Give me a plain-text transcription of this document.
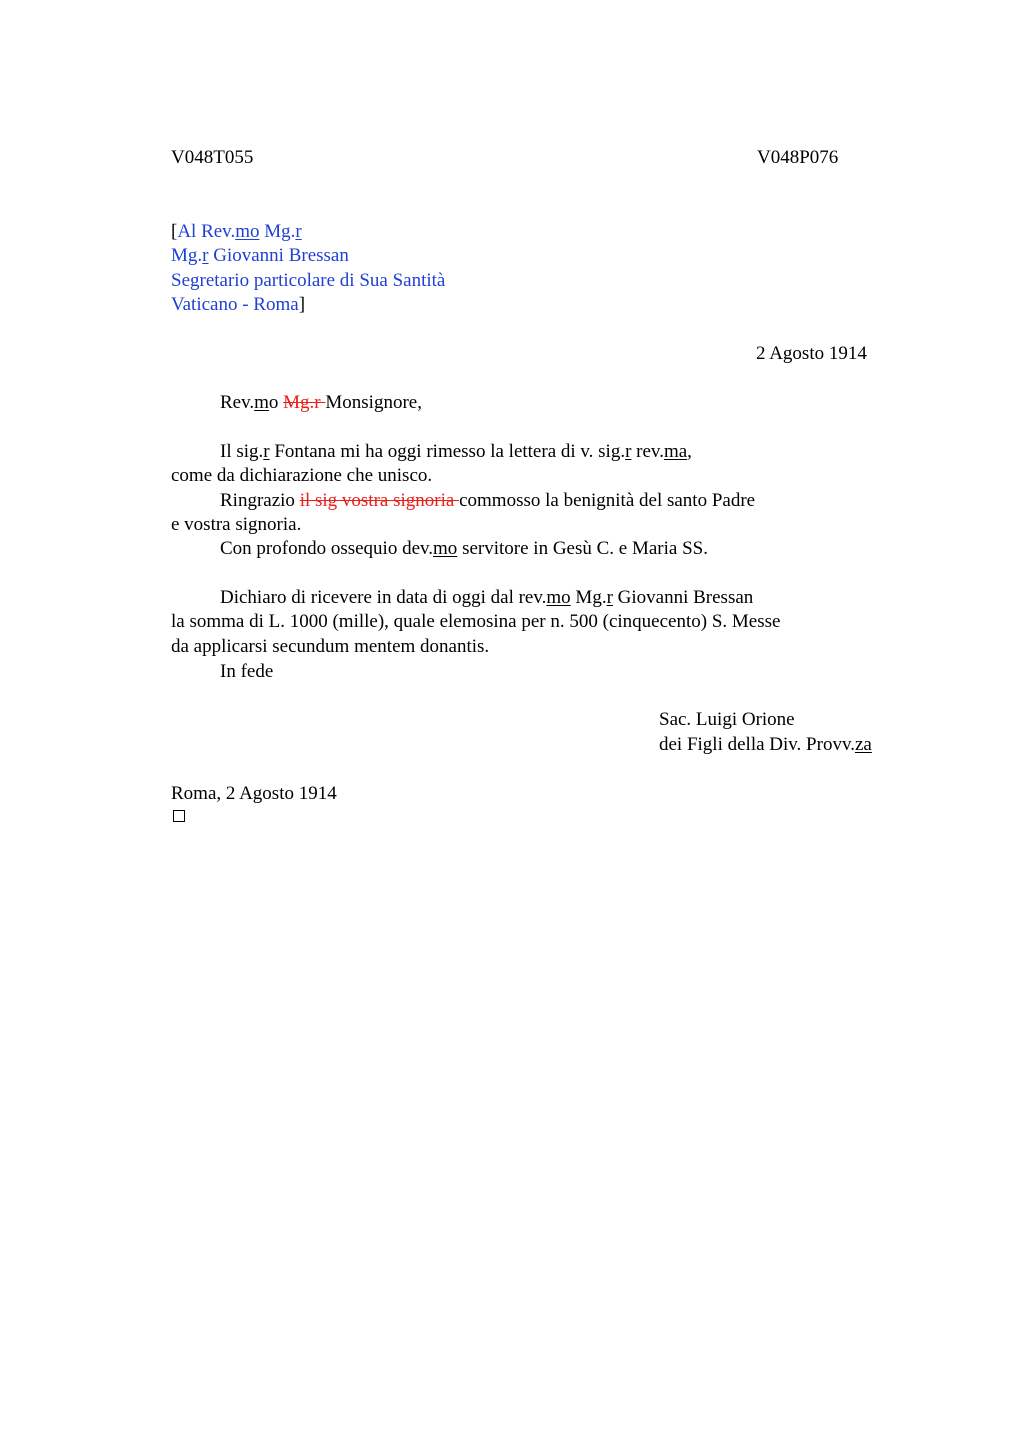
V048T055	V048P076
[Al Rev.mo Mg.r
Mg.r Giovanni Bressan
Segretario particolare di Sua Santità
Vaticano - Roma]
2 Agosto 1914
Rev.mo Mg.r Monsignore,
Il sig.r Fontana mi ha oggi rimesso la lettera di v. sig.r rev.ma,
come da dichiarazione che unisco.
Ringrazio il sig vostra signoria commosso la benignità del santo Padre
e vostra signoria.
Con profondo ossequio dev.mo servitore in Gesù C. e Maria SS.
Dichiaro di ricevere in data di oggi dal rev.mo Mg.r Giovanni Bressan
la somma di L. 1000 (mille), quale elemosina per n. 500 (cinquecento) S. Messe
da applicarsi secundum mentem donantis.
In fede
Sac. Luigi Orione
dei Figli della Div. Provv.za
Roma, 2 Agosto 1914
